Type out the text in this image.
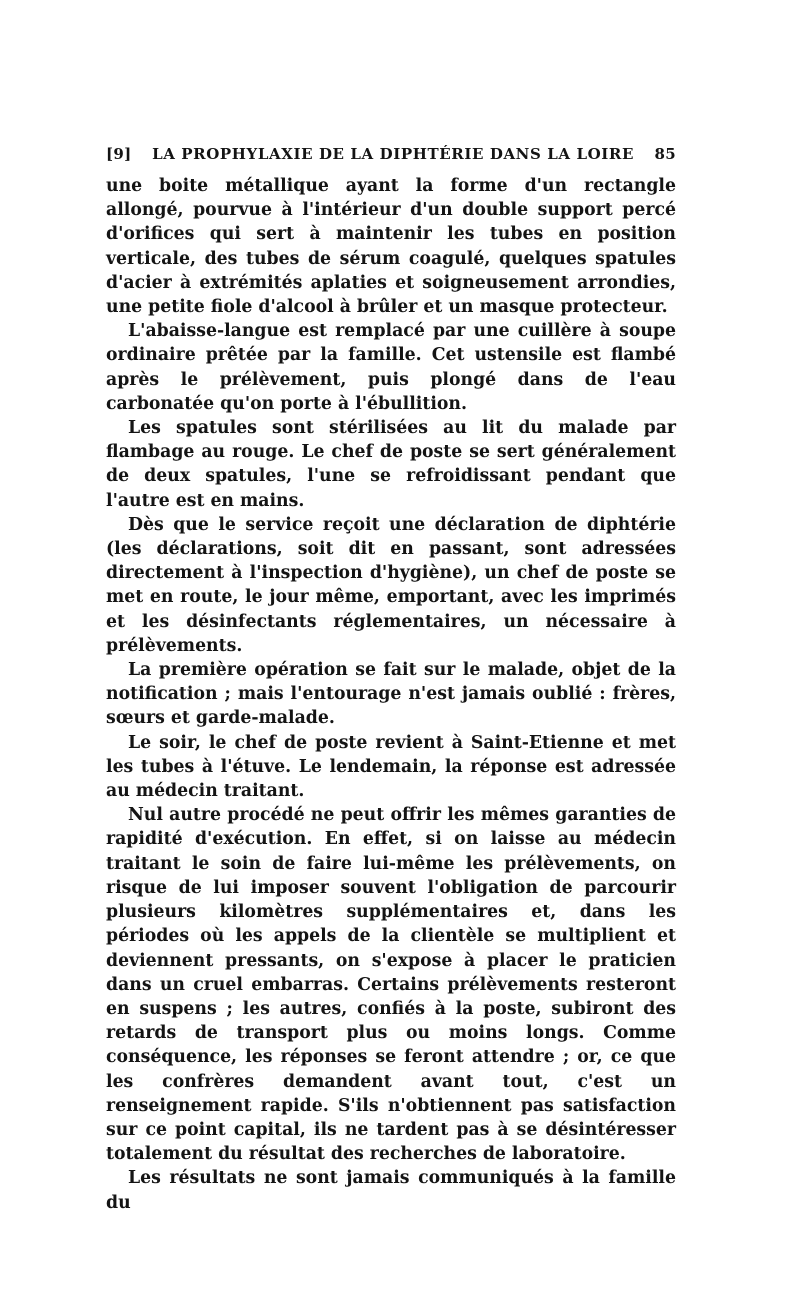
[9]	LA PROPHYLAXIE DE LA DIPHTÉRIE DANS LA LOIRE	85

une boite métallique ayant la forme d'un rectangle allongé, pourvue à l'intérieur d'un double support percé d'orifices qui sert à maintenir les tubes en position verticale, des tubes de sérum coagulé, quelques spatules d'acier à extrémités aplaties et soigneusement arrondies, une petite fiole d'alcool à brûler et un masque protecteur.

L'abaisse-langue est remplacé par une cuillère à soupe ordinaire prêtée par la famille. Cet ustensile est flambé après le prélèvement, puis plongé dans de l'eau carbonatée qu'on porte à l'ébullition.

Les spatules sont stérilisées au lit du malade par flambage au rouge. Le chef de poste se sert généralement de deux spatules, l'une se refroidissant pendant que l'autre est en mains.

Dès que le service reçoit une déclaration de diphtérie (les déclarations, soit dit en passant, sont adressées directement à l'inspection d'hygiène), un chef de poste se met en route, le jour même, emportant, avec les imprimés et les désinfectants réglementaires, un nécessaire à prélèvements.

La première opération se fait sur le malade, objet de la notification ; mais l'entourage n'est jamais oublié : frères, sœurs et garde-malade.

Le soir, le chef de poste revient à Saint-Etienne et met les tubes à l'étuve. Le lendemain, la réponse est adressée au médecin traitant.

Nul autre procédé ne peut offrir les mêmes garanties de rapidité d'exécution. En effet, si on laisse au médecin traitant le soin de faire lui-même les prélèvements, on risque de lui imposer souvent l'obligation de parcourir plusieurs kilomètres supplémentaires et, dans les périodes où les appels de la clientèle se multiplient et deviennent pressants, on s'expose à placer le praticien dans un cruel embarras. Certains prélèvements resteront en suspens ; les autres, confiés à la poste, subiront des retards de transport plus ou moins longs. Comme conséquence, les réponses se feront attendre ; or, ce que les confrères demandent avant tout, c'est un renseignement rapide. S'ils n'obtiennent pas satisfaction sur ce point capital, ils ne tardent pas à se désintéresser totalement du résultat des recherches de laboratoire.

Les résultats ne sont jamais communiqués à la famille du
